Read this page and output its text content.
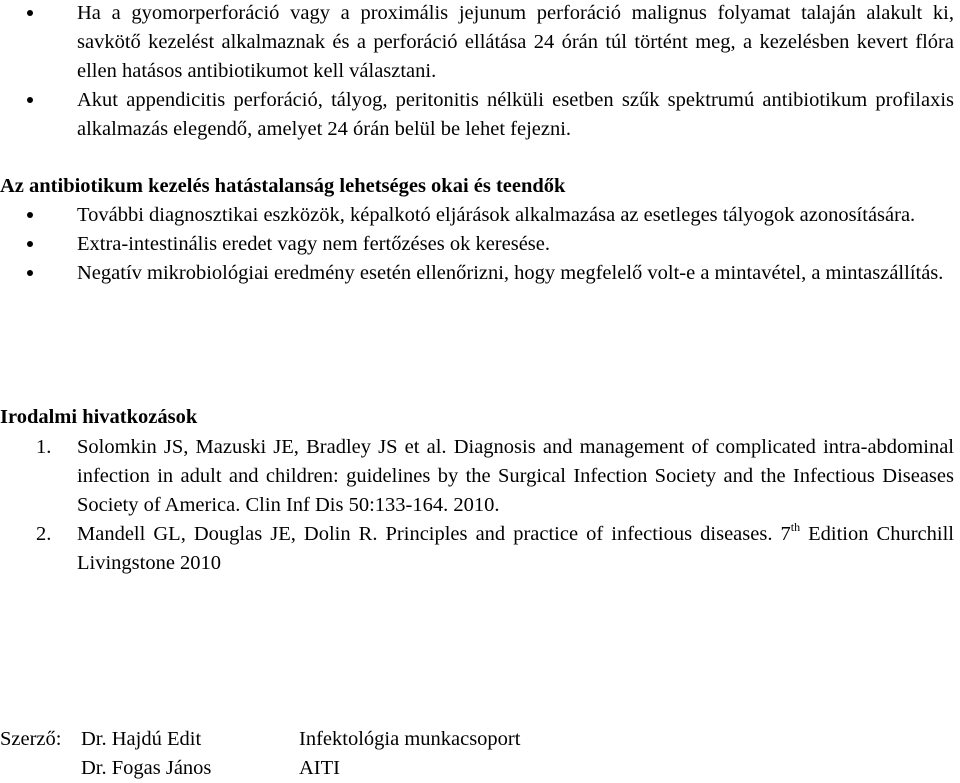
Ha a gyomorperforáció vagy a proximális jejunum perforáció malignus folyamat talaján alakult ki, savkötő kezelést alkalmaznak és a perforáció ellátása 24 órán túl történt meg, a kezelésben kevert flóra ellen hatásos antibiotikumot kell választani.
Akut appendicitis perforáció, tályog, peritonitis nélküli esetben szűk spektrumú antibiotikum profilaxis alkalmazás elegendő, amelyet 24 órán belül be lehet fejezni.
Az antibiotikum kezelés hatástalanság lehetséges okai és teendők
További diagnosztikai eszközök, képalkotó eljárások alkalmazása az esetleges tályogok azonosítására.
Extra-intestinális eredet vagy nem fertőzéses ok keresése.
Negatív mikrobiológiai eredmény esetén ellenőrizni, hogy megfelelő volt-e a mintavétel, a mintaszállítás.
Irodalmi hivatkozások
1. Solomkin JS, Mazuski JE, Bradley JS et al. Diagnosis and management of complicated intra-abdominal infection in adult and children: guidelines by the Surgical Infection Society and the Infectious Diseases Society of America. Clin Inf Dis 50:133-164. 2010.
2. Mandell GL, Douglas JE, Dolin R. Principles and practice of infectious diseases. 7th Edition Churchill Livingstone 2010
Szerző: Dr. Hajdú Edit	Infektológia munkacsoport
Dr. Fogas János	AITI
